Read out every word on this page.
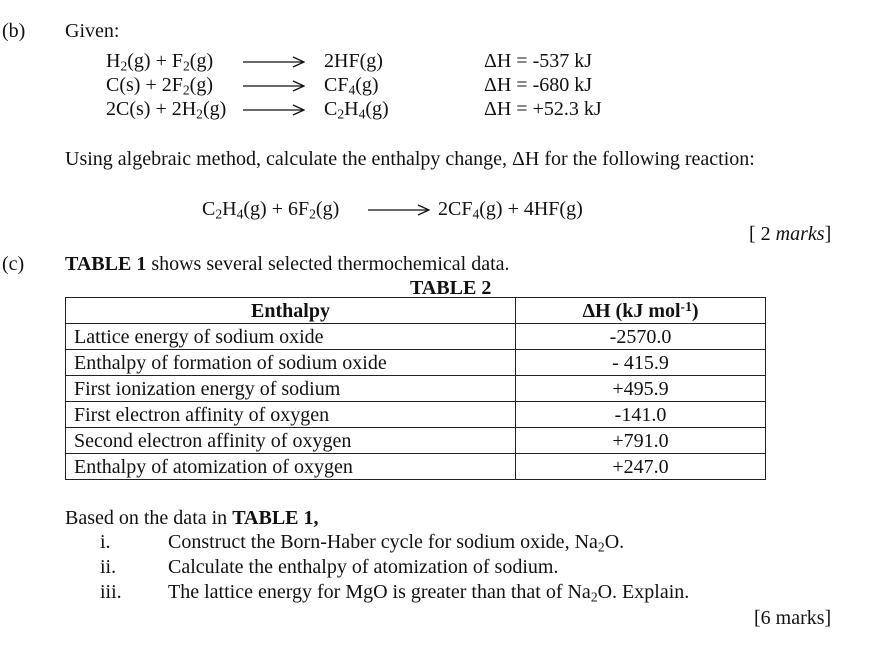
(b) Given:
$H_2(g) + F_2(g) \to 2HF(g)$	ΔH = -537 kJ
$C(s) + 2F_2(g) \to CF_4(g)$	ΔH = -680 kJ
$2C(s) + 2H_2(g) \to C_2H_4(g)$	ΔH = +52.3 kJ
Using algebraic method, calculate the enthalpy change, ΔH for the following reaction:
$C_2H_4(g) + 6F_2(g) \to 2CF_4(g) + 4HF(g)$
[ 2 marks]
(c) TABLE 1 shows several selected thermochemical data.
TABLE 2
Enthalpy	ΔH (kJ mol$^{-1}$)
Lattice energy of sodium oxide	-2570.0
Enthalpy of formation of sodium oxide	- 415.9
First ionization energy of sodium	+495.9
First electron affinity of oxygen	-141.0
Second electron affinity of oxygen	+791.0
Enthalpy of atomization of oxygen	+247.0
Based on the data in TABLE 1,
i.	Construct the Born-Haber cycle for sodium oxide, $Na_2O$.
ii.	Calculate the enthalpy of atomization of sodium.
iii. The lattice energy for MgO is greater than that of $Na_2O$. Explain.
[6 marks]
